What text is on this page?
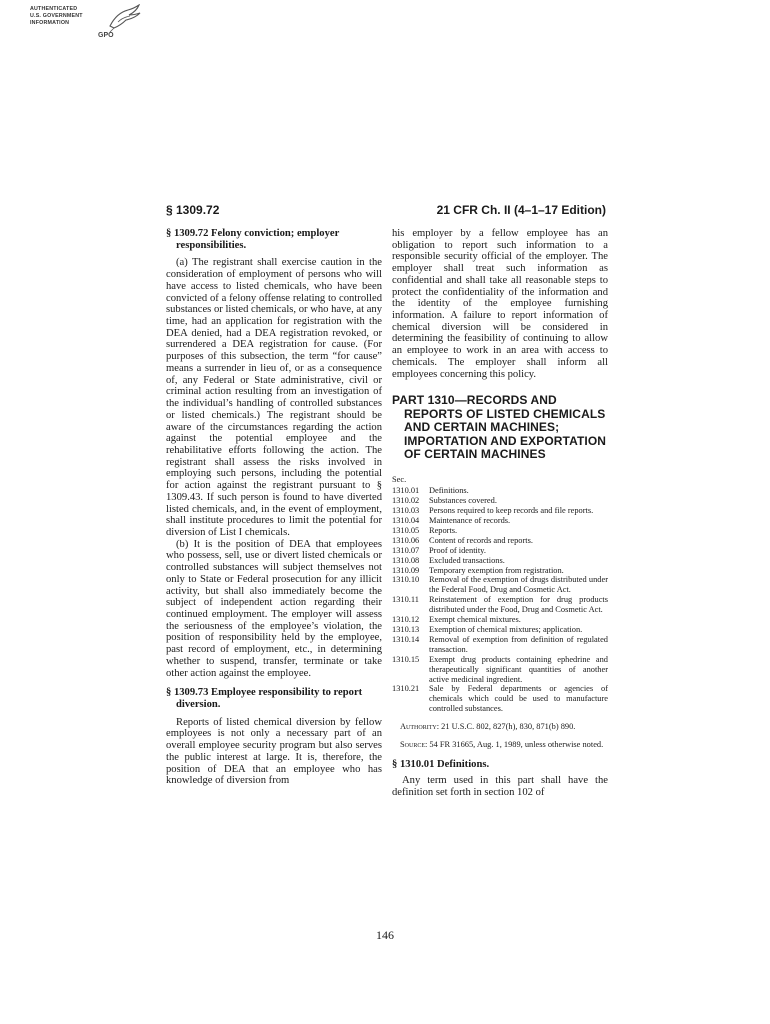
AUTHENTICATED
U.S. GOVERNMENT
INFORMATION
GPO
§ 1309.72	21 CFR Ch. II (4–1–17 Edition)

§ 1309.72 Felony conviction; employer responsibilities.

(a) The registrant shall exercise caution in the consideration of employment of persons who will have access to listed chemicals, who have been convicted of a felony offense relating to controlled substances or listed chemicals, or who have, at any time, had an application for registration with the DEA denied, had a DEA registration revoked, or surrendered a DEA registration for cause. (For purposes of this subsection, the term “for cause” means a surrender in lieu of, or as a consequence of, any Federal or State administrative, civil or criminal action resulting from an investigation of the individual’s handling of controlled substances or listed chemicals.) The registrant should be aware of the circumstances regarding the action against the potential employee and the rehabilitative efforts following the action. The registrant shall assess the risks involved in employing such persons, including the potential for action against the registrant pursuant to § 1309.43. If such person is found to have diverted listed chemicals, and, in the event of employment, shall institute procedures to limit the potential for diversion of List I chemicals.

(b) It is the position of DEA that employees who possess, sell, use or divert listed chemicals or controlled substances will subject themselves not only to State or Federal prosecution for any illicit activity, but shall also immediately become the subject of independent action regarding their continued employment. The employer will assess the seriousness of the employee’s violation, the position of responsibility held by the employee, past record of employment, etc., in determining whether to suspend, transfer, terminate or take other action against the employee.

§ 1309.73 Employee responsibility to report diversion.

Reports of listed chemical diversion by fellow employees is not only a necessary part of an overall employee security program but also serves the public interest at large. It is, therefore, the position of DEA that an employee who has knowledge of diversion from

his employer by a fellow employee has an obligation to report such information to a responsible security official of the employer. The employer shall treat such information as confidential and shall take all reasonable steps to protect the confidentiality of the information and the identity of the employee furnishing information. A failure to report information of chemical diversion will be considered in determining the feasibility of continuing to allow an employee to work in an area with access to chemicals. The employer shall inform all employees concerning this policy.

PART 1310—RECORDS AND REPORTS OF LISTED CHEMICALS AND CERTAIN MACHINES; IMPORTATION AND EXPORTATION OF CERTAIN MACHINES

Sec.

1310.01	Definitions.
1310.02	Substances covered.
1310.03	Persons required to keep records and file reports.
1310.04	Maintenance of records.
1310.05	Reports.
1310.06	Content of records and reports.
1310.07	Proof of identity.
1310.08	Excluded transactions.
1310.09	Temporary exemption from registration.
1310.10	Removal of the exemption of drugs distributed under the Federal Food, Drug and Cosmetic Act.
1310.11	Reinstatement of exemption for drug products distributed under the Food, Drug and Cosmetic Act.
1310.12	Exempt chemical mixtures.
1310.13	Exemption of chemical mixtures; application.
1310.14	Removal of exemption from definition of regulated transaction.
1310.15	Exempt drug products containing ephedrine and therapeutically significant quantities of another active medicinal ingredient.
1310.21	Sale by Federal departments or agencies of chemicals which could be used to manufacture controlled substances.

Authority: 21 U.S.C. 802, 827(h), 830, 871(b) 890.

Source: 54 FR 31665, Aug. 1, 1989, unless otherwise noted.

§ 1310.01 Definitions.

Any term used in this part shall have the definition set forth in section 102 of

146
